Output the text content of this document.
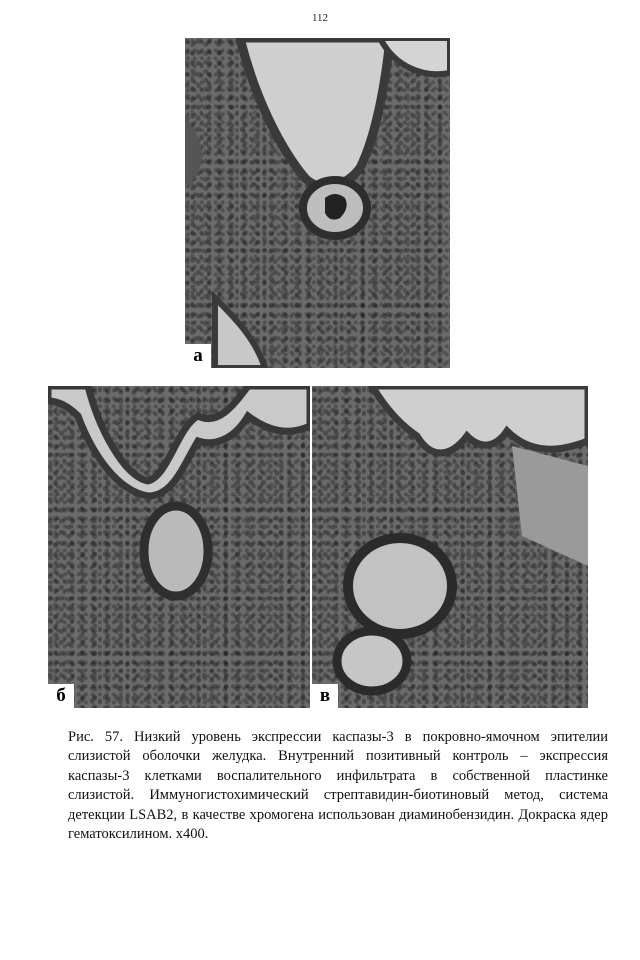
112
а
б	в
Рис. 57. Низкий уровень экспрессии каспазы-3 в покровно-ямочном эпителии слизистой оболочки желудка. Внутренний позитивный контроль – экспрессия каспазы-3 клетками воспалительного инфильтрата в собственной пластинке слизистой. Иммуногистохимический стрептавидин-биотиновый метод, система детекции LSAB2, в качестве хромогена использован диаминобензидин. Докраска ядер гематоксилином. х400.
